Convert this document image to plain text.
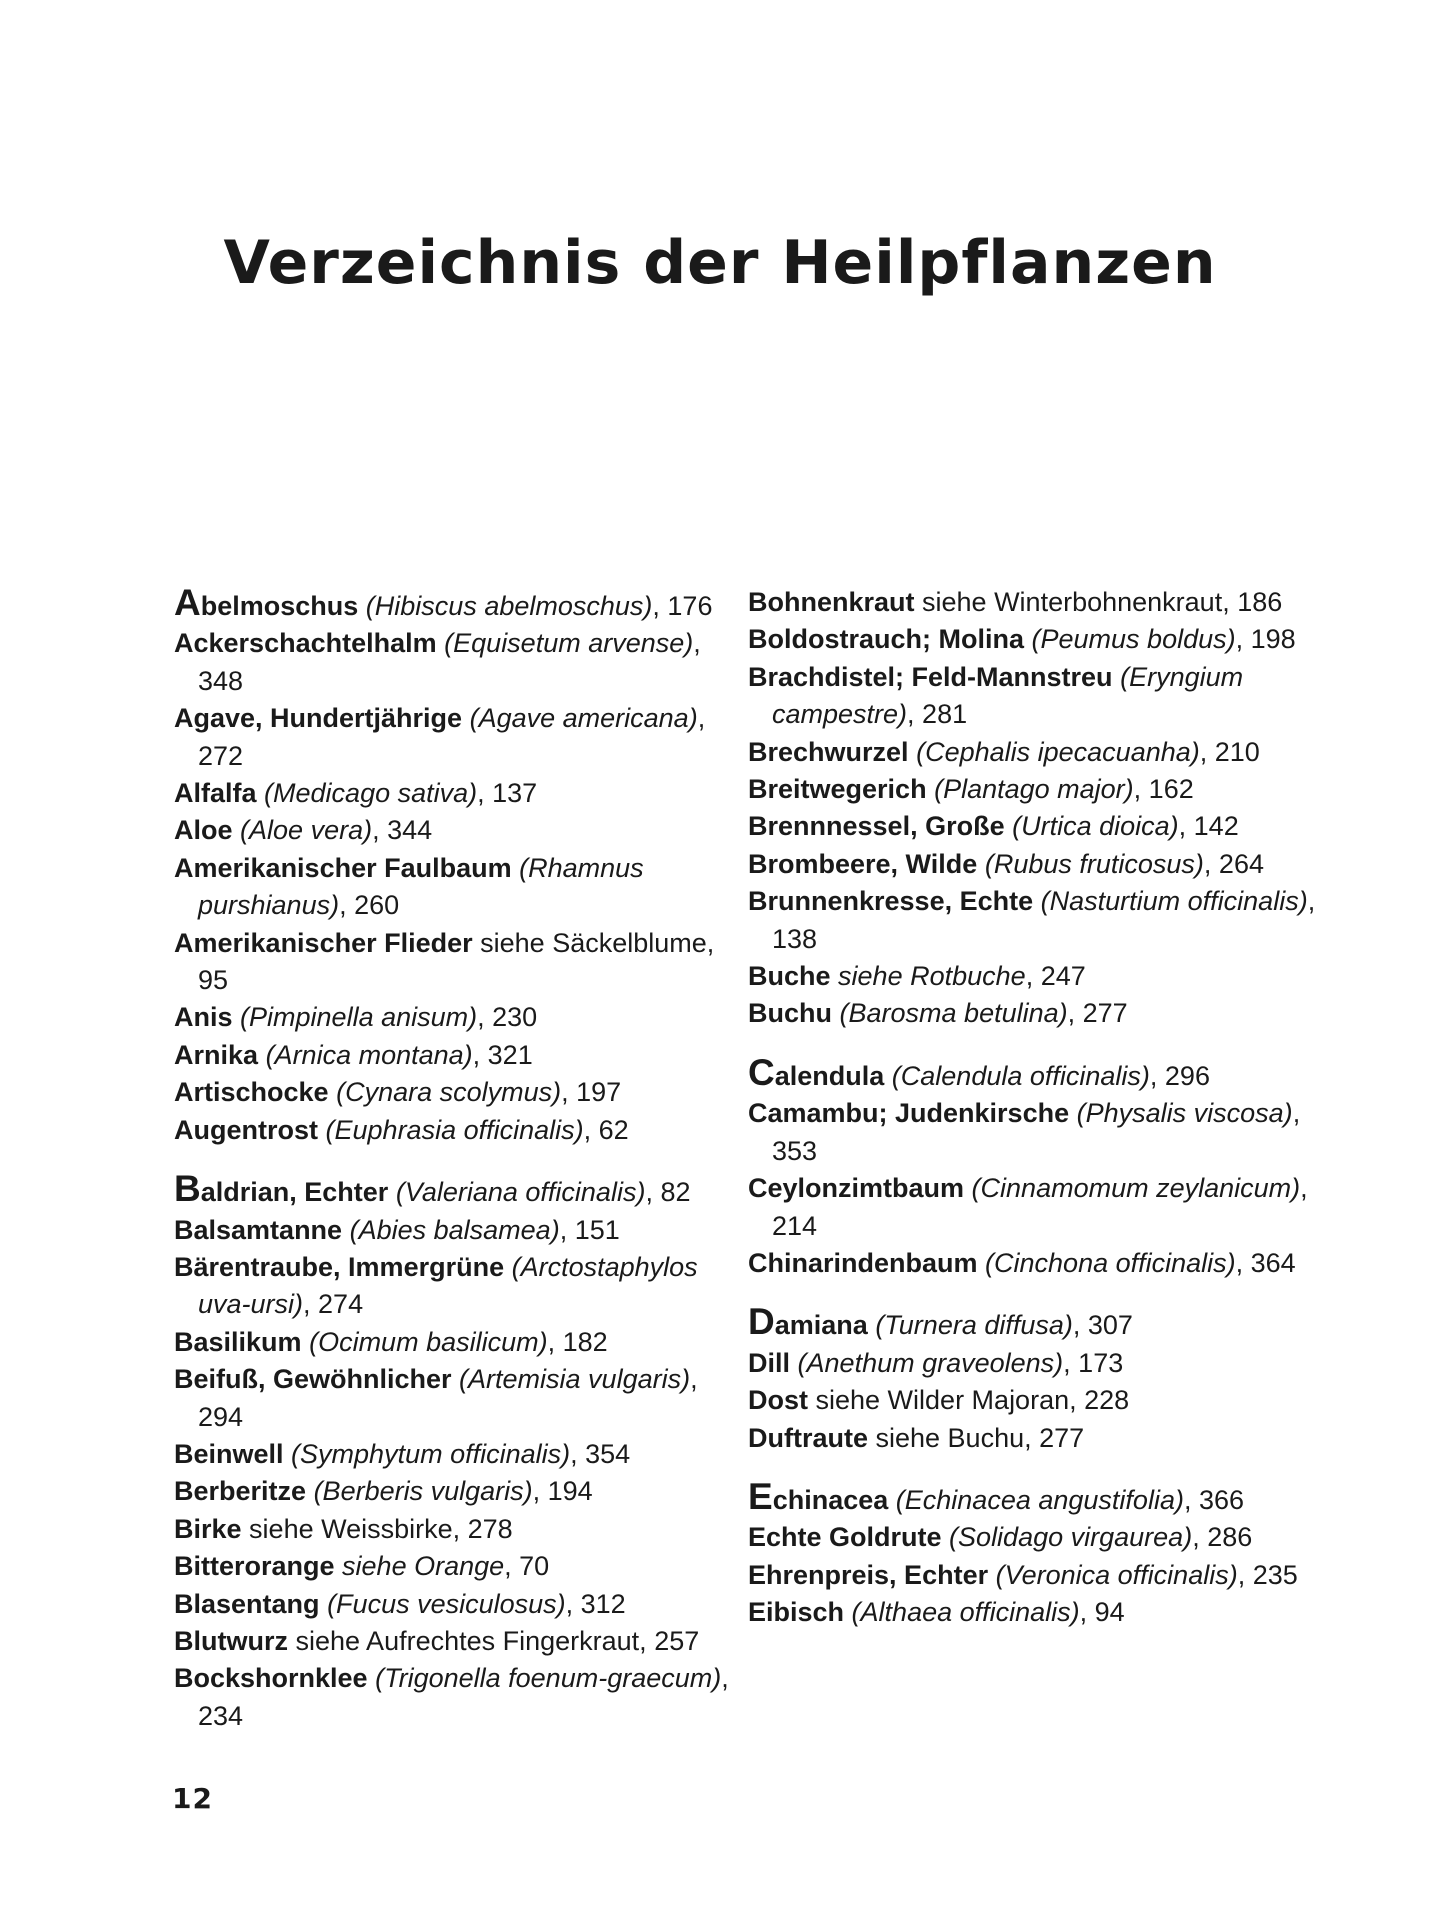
Verzeichnis der Heilpflanzen
Abelmoschus (Hibiscus abelmoschus), 176
Ackerschachtelhalm (Equisetum arvense), 348
Agave, Hundertjährige (Agave americana), 272
Alfalfa (Medicago sativa), 137
Aloe (Aloe vera), 344
Amerikanischer Faulbaum (Rhamnus purshianus), 260
Amerikanischer Flieder siehe Säckelblume, 95
Anis (Pimpinella anisum), 230
Arnika (Arnica montana), 321
Artischocke (Cynara scolymus), 197
Augentrost (Euphrasia officinalis), 62
Baldrian, Echter (Valeriana officinalis), 82
Balsamtanne (Abies balsamea), 151
Bärentraube, Immergrüne (Arctostaphylos uva-ursi), 274
Basilikum (Ocimum basilicum), 182
Beifuß, Gewöhnlicher (Artemisia vulgaris), 294
Beinwell (Symphytum officinalis), 354
Berberitze (Berberis vulgaris), 194
Birke siehe Weissbirke, 278
Bitterorange siehe Orange, 70
Blasentang (Fucus vesiculosus), 312
Blutwurz siehe Aufrechtes Fingerkraut, 257
Bockshornklee (Trigonella foenum-graecum), 234
Bohnenkraut siehe Winterbohnenkraut, 186
Boldostrauch; Molina (Peumus boldus), 198
Brachdistel; Feld-Mannstreu (Eryngium campestre), 281
Brechwurzel (Cephalis ipecacuanha), 210
Breitwegerich (Plantago major), 162
Brennnessel, Große (Urtica dioica), 142
Brombeere, Wilde (Rubus fruticosus), 264
Brunnenkresse, Echte (Nasturtium officinalis), 138
Buche siehe Rotbuche, 247
Buchu (Barosma betulina), 277
Calendula (Calendula officinalis), 296
Camambu; Judenkirsche (Physalis viscosa), 353
Ceylonzimtbaum (Cinnamomum zeylanicum), 214
Chinarindenbaum (Cinchona officinalis), 364
Damiana (Turnera diffusa), 307
Dill (Anethum graveolens), 173
Dost siehe Wilder Majoran, 228
Duftraute siehe Buchu, 277
Echinacea (Echinacea angustifolia), 366
Echte Goldrute (Solidago virgaurea), 286
Ehrenpreis, Echter (Veronica officinalis), 235
Eibisch (Althaea officinalis), 94
12
